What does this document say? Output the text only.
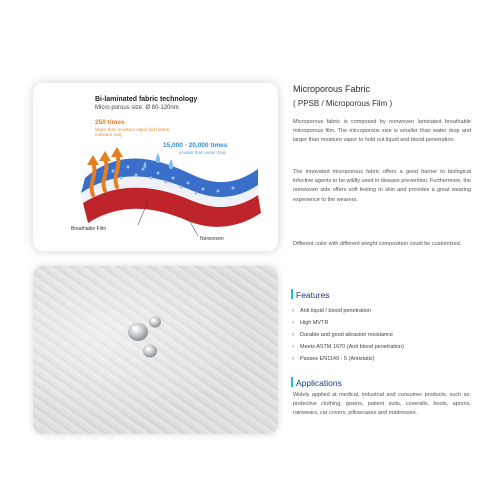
Bi-laminated fabric technology
Micro porous size: Ø 80-120nm
250 times
larger than moisture vapor (let heat & moisture out)
15,000 - 20,000 times
smaller than water drop
Breathable Film
Nonwoven
Microporous Fabric
( PPSB / Microporous Film )

Microporous fabric is composed by nonwoven laminated breathable microporous film. The microporous size is smaller than water drop and larger than moisture vapor to hold out liquid and blood penetration.

The innovated microporous fabric offers a good barrier to biological infective agents to be wildly used in disease prevention. Furthermore, the nonwoven side offers soft feeling to skin and provides a great wearing experience to the wearers.

Different color with different weight composition could be customized.

Features
› Anti liquid / blood penetration
› High MVTR
› Durable and good abrasion resistance
› Meets ASTM 1670 (Anti blood penetration)
› Passes EN1149 - 5 (Antistatic)
Applications

Widely applied at medical, industrial and consumer products, such as: protective clothing, gowns, patient suits, coveralls, boots, aprons, rainwears, car covers, pillowcases and mattresses.
